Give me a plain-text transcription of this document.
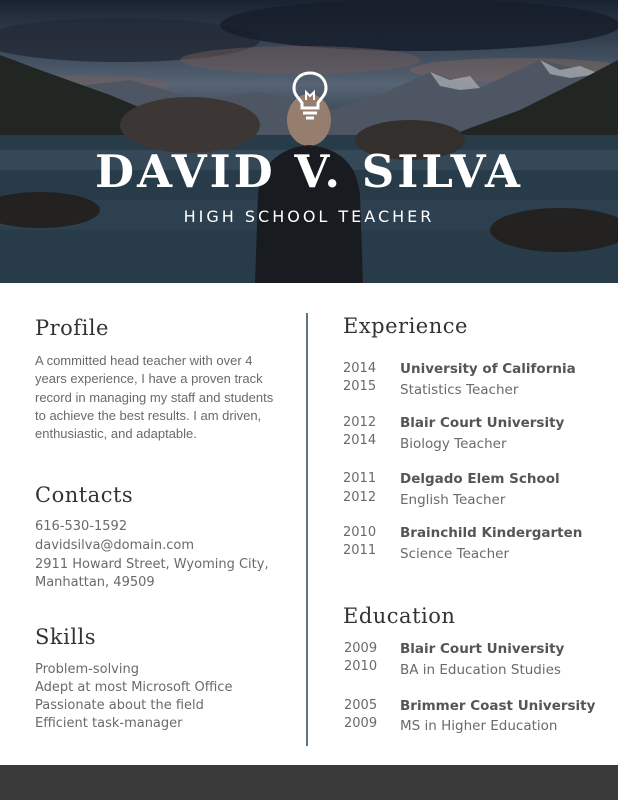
DAVID V. SILVA
HIGH SCHOOL TEACHER
Profile
A committed head teacher with over 4 years experience, I have a proven track record in managing my staff and students to achieve the best results. I am driven, enthusiastic, and adaptable.
Contacts
616-530-1592
davidsilva@domain.com
2911 Howard Street, Wyoming City,
Manhattan, 49509
Skills
Problem-solving
Adept at most Microsoft Office
Passionate about the field
Efficient task-manager
Experience
2014
2015
University of California
Statistics Teacher
2012
2014
Blair Court University
Biology Teacher
2011
2012
Delgado Elem School
English Teacher
2010
2011
Brainchild Kindergarten
Science Teacher
Education
2009
2010
Blair Court University
BA in Education Studies
2005
2009
Brimmer Coast University
MS in Higher Education
